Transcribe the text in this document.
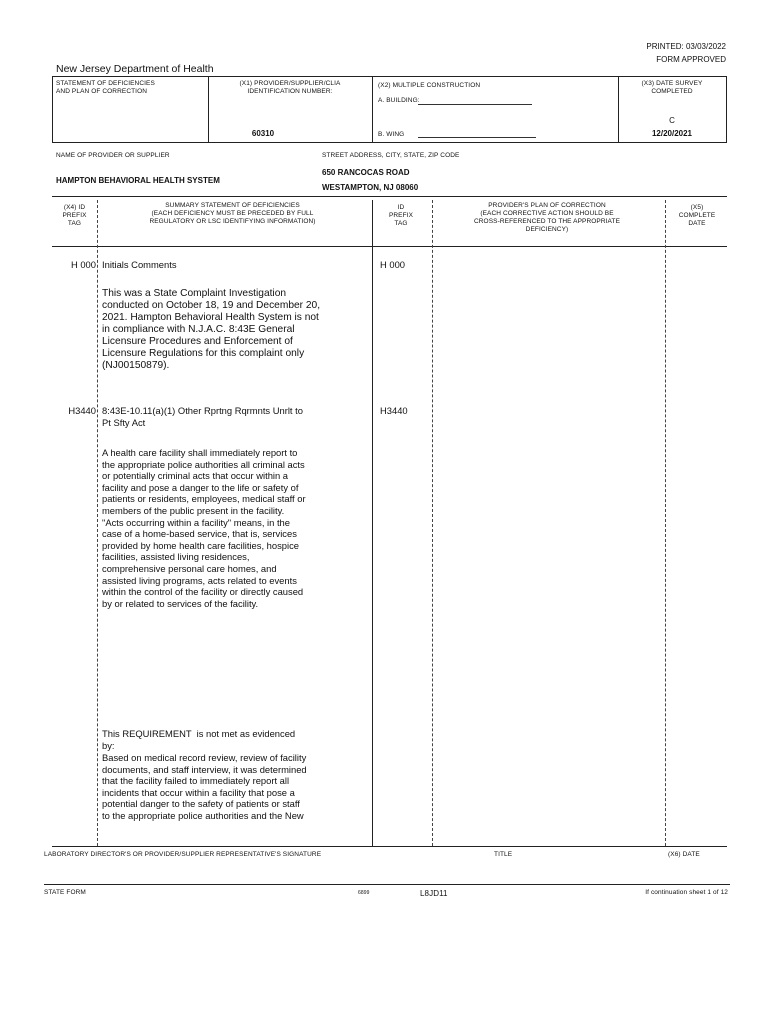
PRINTED: 03/03/2022
FORM APPROVED
New Jersey Department of Health
STATEMENT OF DEFICIENCIES
AND PLAN OF CORRECTION
(X1) PROVIDER/SUPPLIER/CLIA
IDENTIFICATION NUMBER:
60310
(X2) MULTIPLE CONSTRUCTION
A. BUILDING:
B. WING
(X3) DATE SURVEY
COMPLETED
C
12/20/2021
NAME OF PROVIDER OR SUPPLIER
HAMPTON BEHAVIORAL HEALTH SYSTEM
STREET ADDRESS, CITY, STATE, ZIP CODE
650 RANCOCAS ROAD
WESTAMPTON, NJ 08060
(X4) ID
PREFIX
TAG
SUMMARY STATEMENT OF DEFICIENCIES
(EACH DEFICIENCY MUST BE PRECEDED BY FULL
REGULATORY OR LSC IDENTIFYING INFORMATION)
ID
PREFIX
TAG
PROVIDER'S PLAN OF CORRECTION
(EACH CORRECTIVE ACTION SHOULD BE
CROSS-REFERENCED TO THE APPROPRIATE
DEFICIENCY)
(X5)
COMPLETE
DATE
H 000 Initials Comments	H 000
This was a State Complaint Investigation
conducted on October 18, 19 and December 20,
2021. Hampton Behavioral Health System is not
in compliance with N.J.A.C. 8:43E General
Licensure Procedures and Enforcement of
Licensure Regulations for this complaint only
(NJ00150879).
H3440 8:43E-10.11(a)(1) Other Rprtng Rqrmnts Unrlt to
Pt Sfty Act
H3440
A health care facility shall immediately report to
the appropriate police authorities all criminal acts
or potentially criminal acts that occur within a
facility and pose a danger to the life or safety of
patients or residents, employees, medical staff or
members of the public present in the facility.
"Acts occurring within a facility" means, in the
case of a home-based service, that is, services
provided by home health care facilities, hospice
facilities, assisted living residences,
comprehensive personal care homes, and
assisted living programs, acts related to events
within the control of the facility or directly caused
by or related to services of the facility.
This REQUIREMENT  is not met as evidenced
by:
Based on medical record review, review of facility
documents, and staff interview, it was determined
that the facility failed to immediately report all
incidents that occur within a facility that pose a
potential danger to the safety of patients or staff
to the appropriate police authorities and the New
LABORATORY DIRECTOR'S OR PROVIDER/SUPPLIER REPRESENTATIVE'S SIGNATURE	TITLE	(X6) DATE
STATE FORM	6899	L8JD11	If continuation sheet 1 of 12
